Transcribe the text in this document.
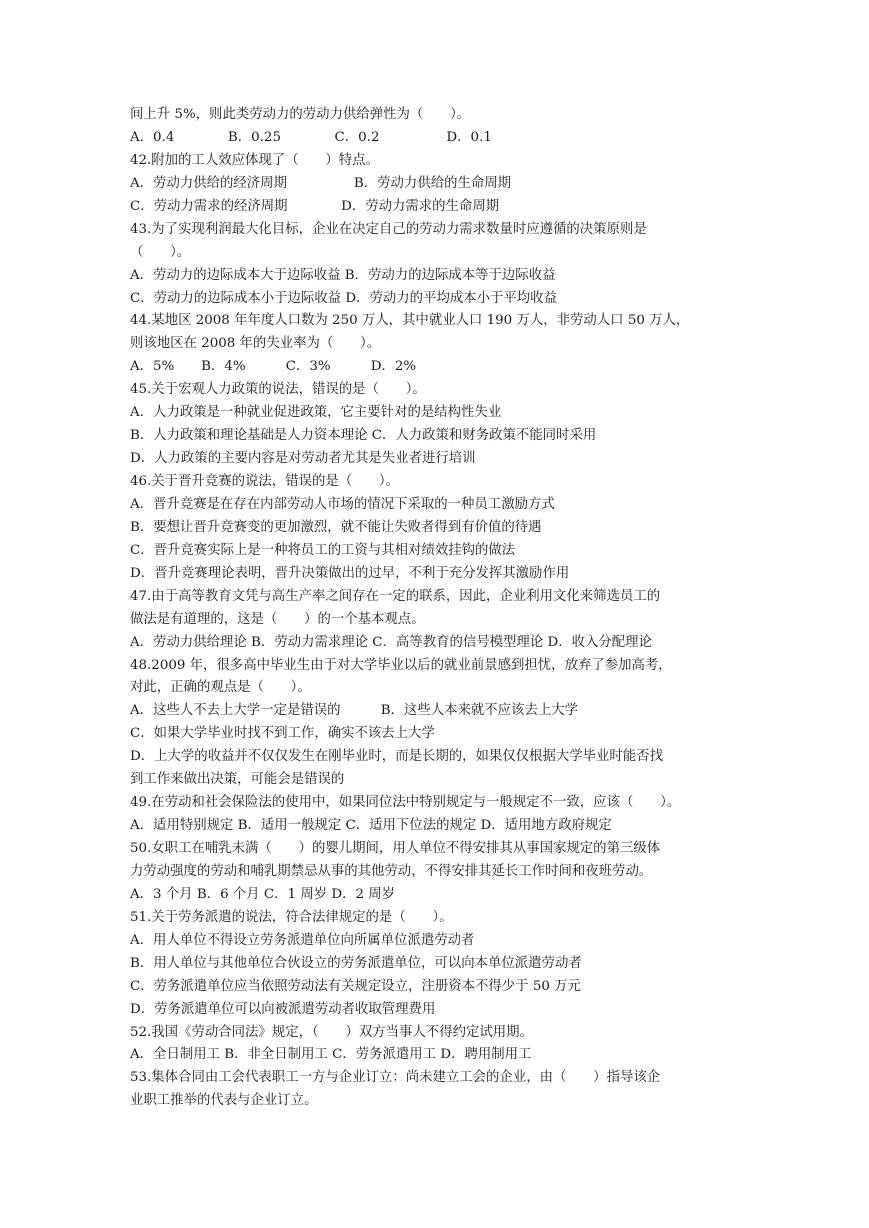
间上升 5%，则此类劳动力的劳动力供给弹性为（　　）。
A．0.4　　　　B．0.25　　　　C．0.2　　　　　D．0.1
42.附加的工人效应体现了（　　）特点。
A．劳动力供给的经济周期　　　　　B．劳动力供给的生命周期
C．劳动力需求的经济周期　　　　D．劳动力需求的生命周期
43.为了实现利润最大化目标，企业在决定自己的劳动力需求数量时应遵循的决策原则是
（　　）。
A．劳动力的边际成本大于边际收益 B．劳动力的边际成本等于边际收益
C．劳动力的边际成本小于边际收益 D．劳动力的平均成本小于平均收益
44.某地区 2008 年年度人口数为 250 万人，其中就业人口 190 万人，非劳动人口 50 万人，
则该地区在 2008 年的失业率为（　　）。
A．5%　　B．4%　　　C．3%　　　D．2%
45.关于宏观人力政策的说法，错误的是（　　）。
A．人力政策是一种就业促进政策，它主要针对的是结构性失业
B．人力政策和理论基础是人力资本理论 C．人力政策和财务政策不能同时采用
D．人力政策的主要内容是对劳动者尤其是失业者进行培训
46.关于晋升竞赛的说法，错误的是（　　）。
A．晋升竞赛是在存在内部劳动人市场的情况下采取的一种员工激励方式
B．要想让晋升竞赛变的更加激烈，就不能让失败者得到有价值的待遇
C．晋升竞赛实际上是一种将员工的工资与其相对绩效挂钩的做法
D．晋升竞赛理论表明，晋升决策做出的过早，不利于充分发挥其激励作用
47.由于高等教育文凭与高生产率之间存在一定的联系，因此，企业利用文化来筛选员工的
做法是有道理的，这是（　　）的一个基本观点。
A．劳动力供给理论 B．劳动力需求理论 C．高等教育的信号模型理论 D．收入分配理论
48.2009 年，很多高中毕业生由于对大学毕业以后的就业前景感到担忧，放弃了参加高考，
对此，正确的观点是（　　）。
A．这些人不去上大学一定是错误的　　　B．这些人本来就不应该去上大学
C．如果大学毕业时找不到工作，确实不该去上大学
D．上大学的收益并不仅仅发生在刚毕业时，而是长期的，如果仅仅根据大学毕业时能否找
到工作来做出决策，可能会是错误的
49.在劳动和社会保险法的使用中，如果同位法中特别规定与一般规定不一致，应该（　　）。
A．适用特别规定 B．适用一般规定 C．适用下位法的规定 D．适用地方政府规定
50.女职工在哺乳未满（　　）的婴儿期间，用人单位不得安排其从事国家规定的第三级体
力劳动强度的劳动和哺乳期禁忌从事的其他劳动，不得安排其延长工作时间和夜班劳动。
A．3 个月 B．6 个月 C．1 周岁 D．2 周岁
51.关于劳务派遣的说法，符合法律规定的是（　　）。
A．用人单位不得设立劳务派遣单位向所属单位派遣劳动者
B．用人单位与其他单位合伙设立的劳务派遣单位，可以向本单位派遣劳动者
C．劳务派遣单位应当依照劳动法有关规定设立，注册资本不得少于 50 万元
D．劳务派遣单位可以向被派遣劳动者收取管理费用
52.我国《劳动合同法》规定，（　　）双方当事人不得约定试用期。
A．全日制用工 B．非全日制用工 C．劳务派遣用工 D．聘用制用工
53.集体合同由工会代表职工一方与企业订立：尚未建立工会的企业，由（　　）指导该企
业职工推举的代表与企业订立。
